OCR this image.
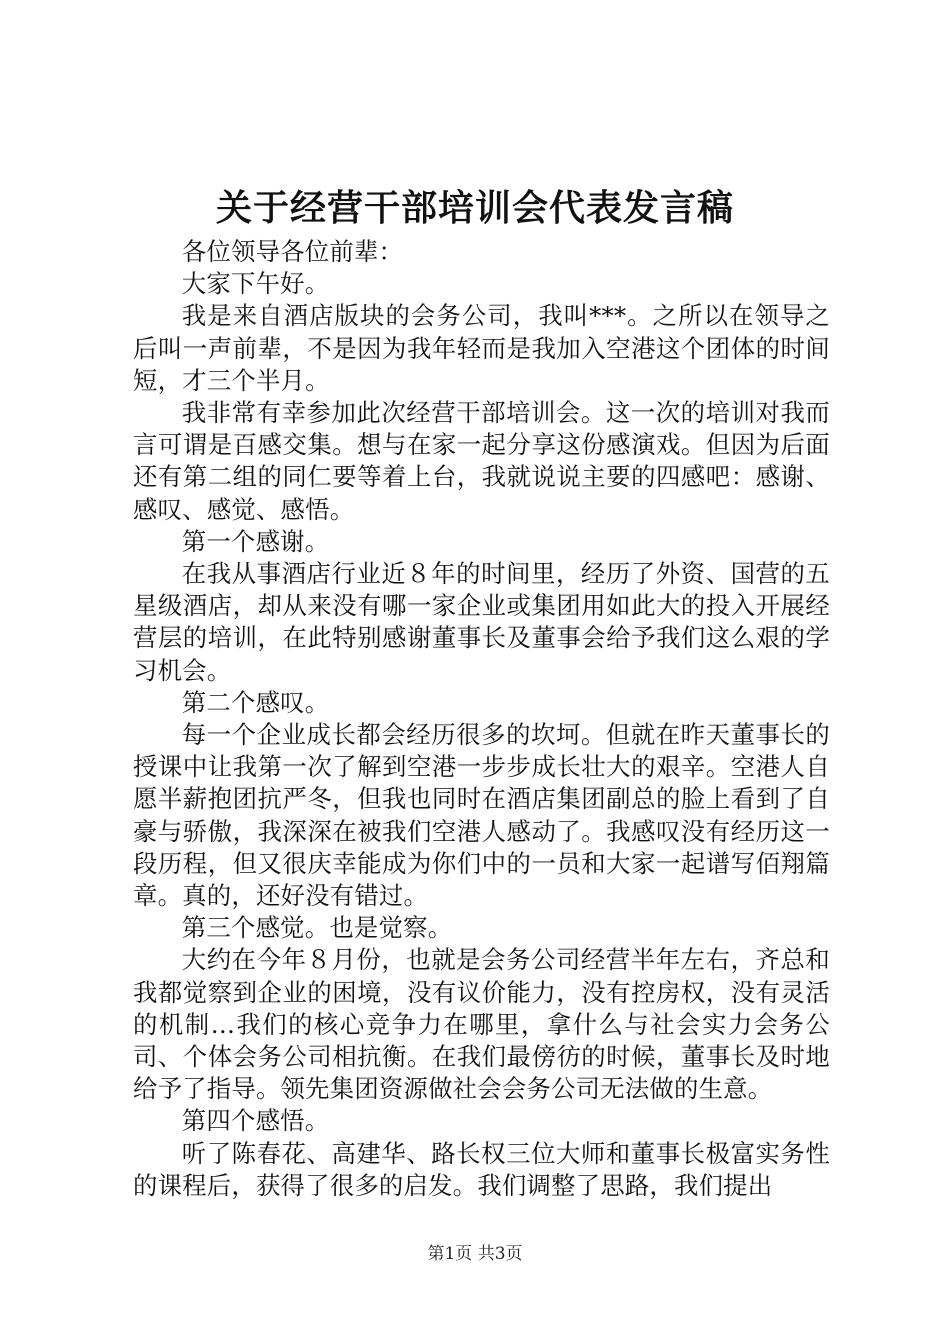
关于经营干部培训会代表发言稿

各位领导各位前辈：

大家下午好。

我是来自酒店版块的会务公司，我叫***。之所以在领导之后叫一声前辈，不是因为我年轻而是我加入空港这个团体的时间短，才三个半月。

我非常有幸参加此次经营干部培训会。这一次的培训对我而言可谓是百感交集。想与在家一起分享这份感演戏。但因为后面还有第二组的同仁要等着上台，我就说说主要的四感吧：感谢、感叹、感觉、感悟。

第一个感谢。

在我从事酒店行业近８年的时间里，经历了外资、国营的五星级酒店，却从来没有哪一家企业或集团用如此大的投入开展经营层的培训，在此特别感谢董事长及董事会给予我们这么艰的学习机会。

第二个感叹。

每一个企业成长都会经历很多的坎坷。但就在昨天董事长的授课中让我第一次了解到空港一步步成长壮大的艰辛。空港人自愿半薪抱团抗严冬，但我也同时在酒店集团副总的脸上看到了自豪与骄傲，我深深在被我们空港人感动了。我感叹没有经历这一段历程，但又很庆幸能成为你们中的一员和大家一起谱写佰翔篇章。真的，还好没有错过。

第三个感觉。也是觉察。

大约在今年８月份，也就是会务公司经营半年左右，齐总和我都觉察到企业的困境，没有议价能力，没有控房权，没有灵活的机制…我们的核心竞争力在哪里，拿什么与社会实力会务公司、个体会务公司相抗衡。在我们最傍彷的时候，董事长及时地给予了指导。领先集团资源做社会会务公司无法做的生意。

第四个感悟。

听了陈春花、高建华、路长权三位大师和董事长极富实务性的课程后，获得了很多的启发。我们调整了思路，我们提出

第1页 共3页
